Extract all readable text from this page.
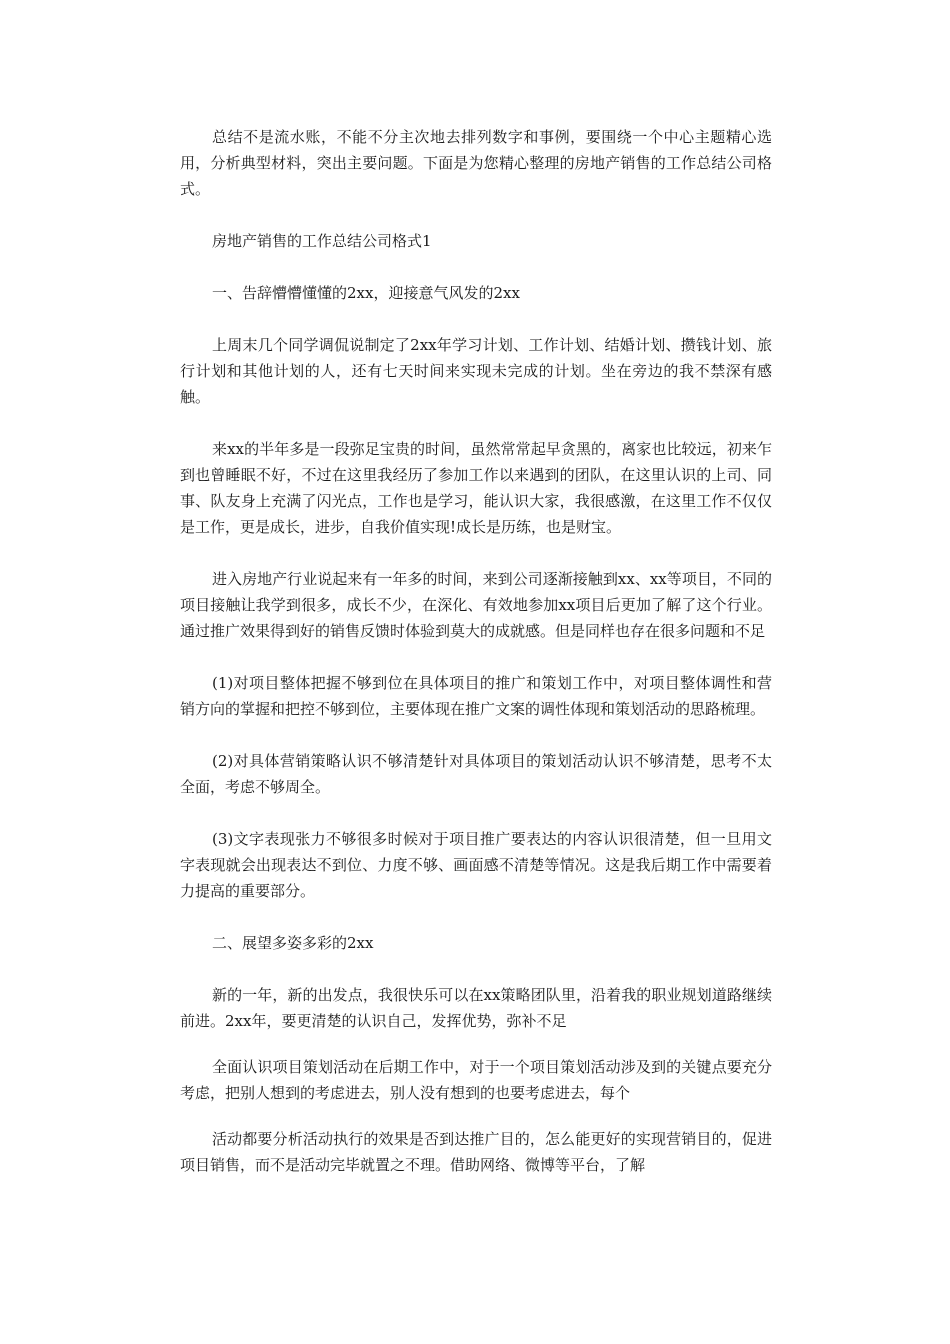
总结不是流水账，不能不分主次地去排列数字和事例，要围绕一个中心主题精心选用，分析典型材料，突出主要问题。下面是为您精心整理的房地产销售的工作总结公司格式。

房地产销售的工作总结公司格式1

一、告辞懵懵懂懂的2xx，迎接意气风发的2xx

上周末几个同学调侃说制定了2xx年学习计划、工作计划、结婚计划、攒钱计划、旅行计划和其他计划的人，还有七天时间来实现未完成的计划。坐在旁边的我不禁深有感触。

来xx的半年多是一段弥足宝贵的时间，虽然常常起早贪黑的，离家也比较远，初来乍到也曾睡眠不好，不过在这里我经历了参加工作以来遇到的团队，在这里认识的上司、同事、队友身上充满了闪光点，工作也是学习，能认识大家，我很感激，在这里工作不仅仅是工作，更是成长，进步，自我价值实现!成长是历练，也是财宝。

进入房地产行业说起来有一年多的时间，来到公司逐渐接触到xx、xx等项目，不同的项目接触让我学到很多，成长不少，在深化、有效地参加xx项目后更加了解了这个行业。通过推广效果得到好的销售反馈时体验到莫大的成就感。但是同样也存在很多问题和不足

(1)对项目整体把握不够到位在具体项目的推广和策划工作中，对项目整体调性和营销方向的掌握和把控不够到位，主要体现在推广文案的调性体现和策划活动的思路梳理。

(2)对具体营销策略认识不够清楚针对具体项目的策划活动认识不够清楚，思考不太全面，考虑不够周全。

(3)文字表现张力不够很多时候对于项目推广要表达的内容认识很清楚，但一旦用文字表现就会出现表达不到位、力度不够、画面感不清楚等情况。这是我后期工作中需要着力提高的重要部分。

二、展望多姿多彩的2xx

新的一年，新的出发点，我很快乐可以在xx策略团队里，沿着我的职业规划道路继续前进。2xx年，要更清楚的认识自己，发挥优势，弥补不足

全面认识项目策划活动在后期工作中，对于一个项目策划活动涉及到的关键点要充分考虑，把别人想到的考虑进去，别人没有想到的也要考虑进去，每个

活动都要分析活动执行的效果是否到达推广目的，怎么能更好的实现营销目的，促进项目销售，而不是活动完毕就置之不理。借助网络、微博等平台，了解
